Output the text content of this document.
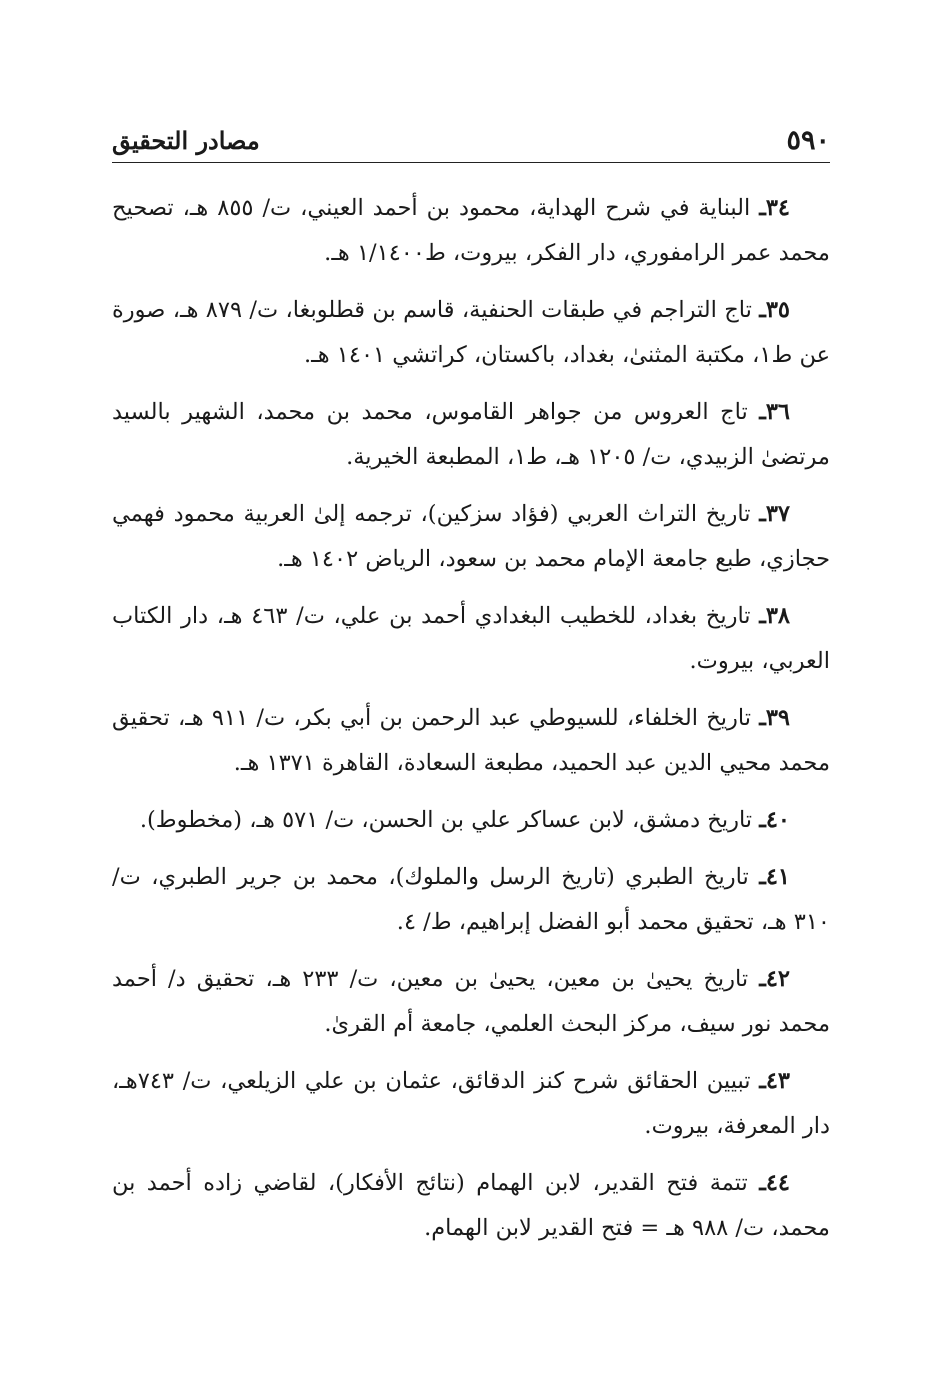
٥٩٠
مصادر التحقيق

٣٤ـ البناية في شرح الهداية، محمود بن أحمد العيني، ت/ ٨٥٥ هـ، تصحيح محمد عمر الرامفوري، دار الفكر، بيروت، ط١/١٤٠٠ هـ.

٣٥ـ تاج التراجم في طبقات الحنفية، قاسم بن قطلوبغا، ت/ ٨٧٩ هـ، صورة عن ط١، مكتبة المثنىٰ، بغداد، باكستان، كراتشي ١٤٠١ هـ.

٣٦ـ تاج العروس من جواهر القاموس، محمد بن محمد، الشهير بالسيد مرتضىٰ الزبيدي، ت/ ١٢٠٥ هـ، ط١، المطبعة الخيرية.

٣٧ـ تاريخ التراث العربي (فؤاد سزكين)، ترجمه إلىٰ العربية محمود فهمي حجازي، طبع جامعة الإمام محمد بن سعود، الرياض ١٤٠٢ هـ.

٣٨ـ تاريخ بغداد، للخطيب البغدادي أحمد بن علي، ت/ ٤٦٣ هـ، دار الكتاب العربي، بيروت.

٣٩ـ تاريخ الخلفاء، للسيوطي عبد الرحمن بن أبي بكر، ت/ ٩١١ هـ، تحقيق محمد محيي الدين عبد الحميد، مطبعة السعادة، القاهرة ١٣٧١ هـ.

٤٠ـ تاريخ دمشق، لابن عساكر علي بن الحسن، ت/ ٥٧١ هـ، (مخطوط).

٤١ـ تاريخ الطبري (تاريخ الرسل والملوك)، محمد بن جرير الطبري، ت/ ٣١٠ هـ، تحقيق محمد أبو الفضل إبراهيم، ط/ ٤.

٤٢ـ تاريخ يحيىٰ بن معين، يحيىٰ بن معين، ت/ ٢٣٣ هـ، تحقيق د/ أحمد محمد نور سيف، مركز البحث العلمي، جامعة أم القرىٰ.

٤٣ـ تبيين الحقائق شرح كنز الدقائق، عثمان بن علي الزيلعي، ت/ ٧٤٣هـ، دار المعرفة، بيروت.

٤٤ـ تتمة فتح القدير، لابن الهمام (نتائج الأفكار)، لقاضي زاده أحمد بن محمد، ت/ ٩٨٨ هـ = فتح القدير لابن الهمام.
